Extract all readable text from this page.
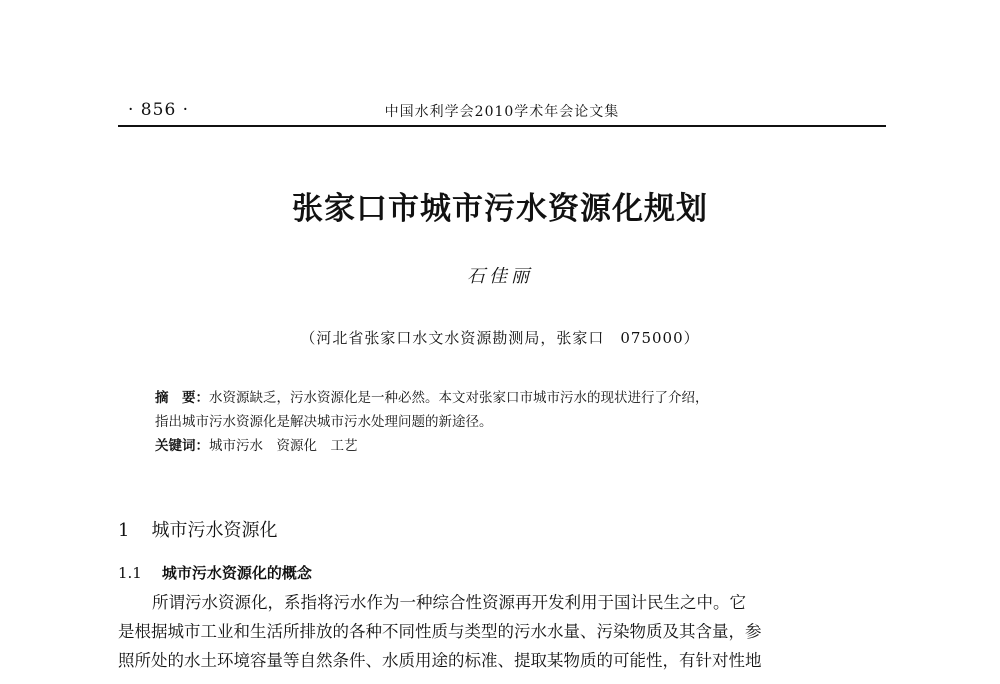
· 856 ·	中国水利学会2010学术年会论文集
张家口市城市污水资源化规划
石佳丽
（河北省张家口水文水资源勘测局，张家口　075000）
摘　要：水资源缺乏，污水资源化是一种必然。本文对张家口市城市污水的现状进行了介绍，
指出城市污水资源化是解决城市污水处理问题的新途径。
关键词：城市污水　资源化　工艺
1 城市污水资源化
1.1 城市污水资源化的概念
所谓污水资源化，系指将污水作为一种综合性资源再开发利用于国计民生之中。它
是根据城市工业和生活所排放的各种不同性质与类型的污水水量、污染物质及其含量，参
照所处的水土环境容量等自然条件、水质用途的标准、提取某物质的可能性，有针对性地
